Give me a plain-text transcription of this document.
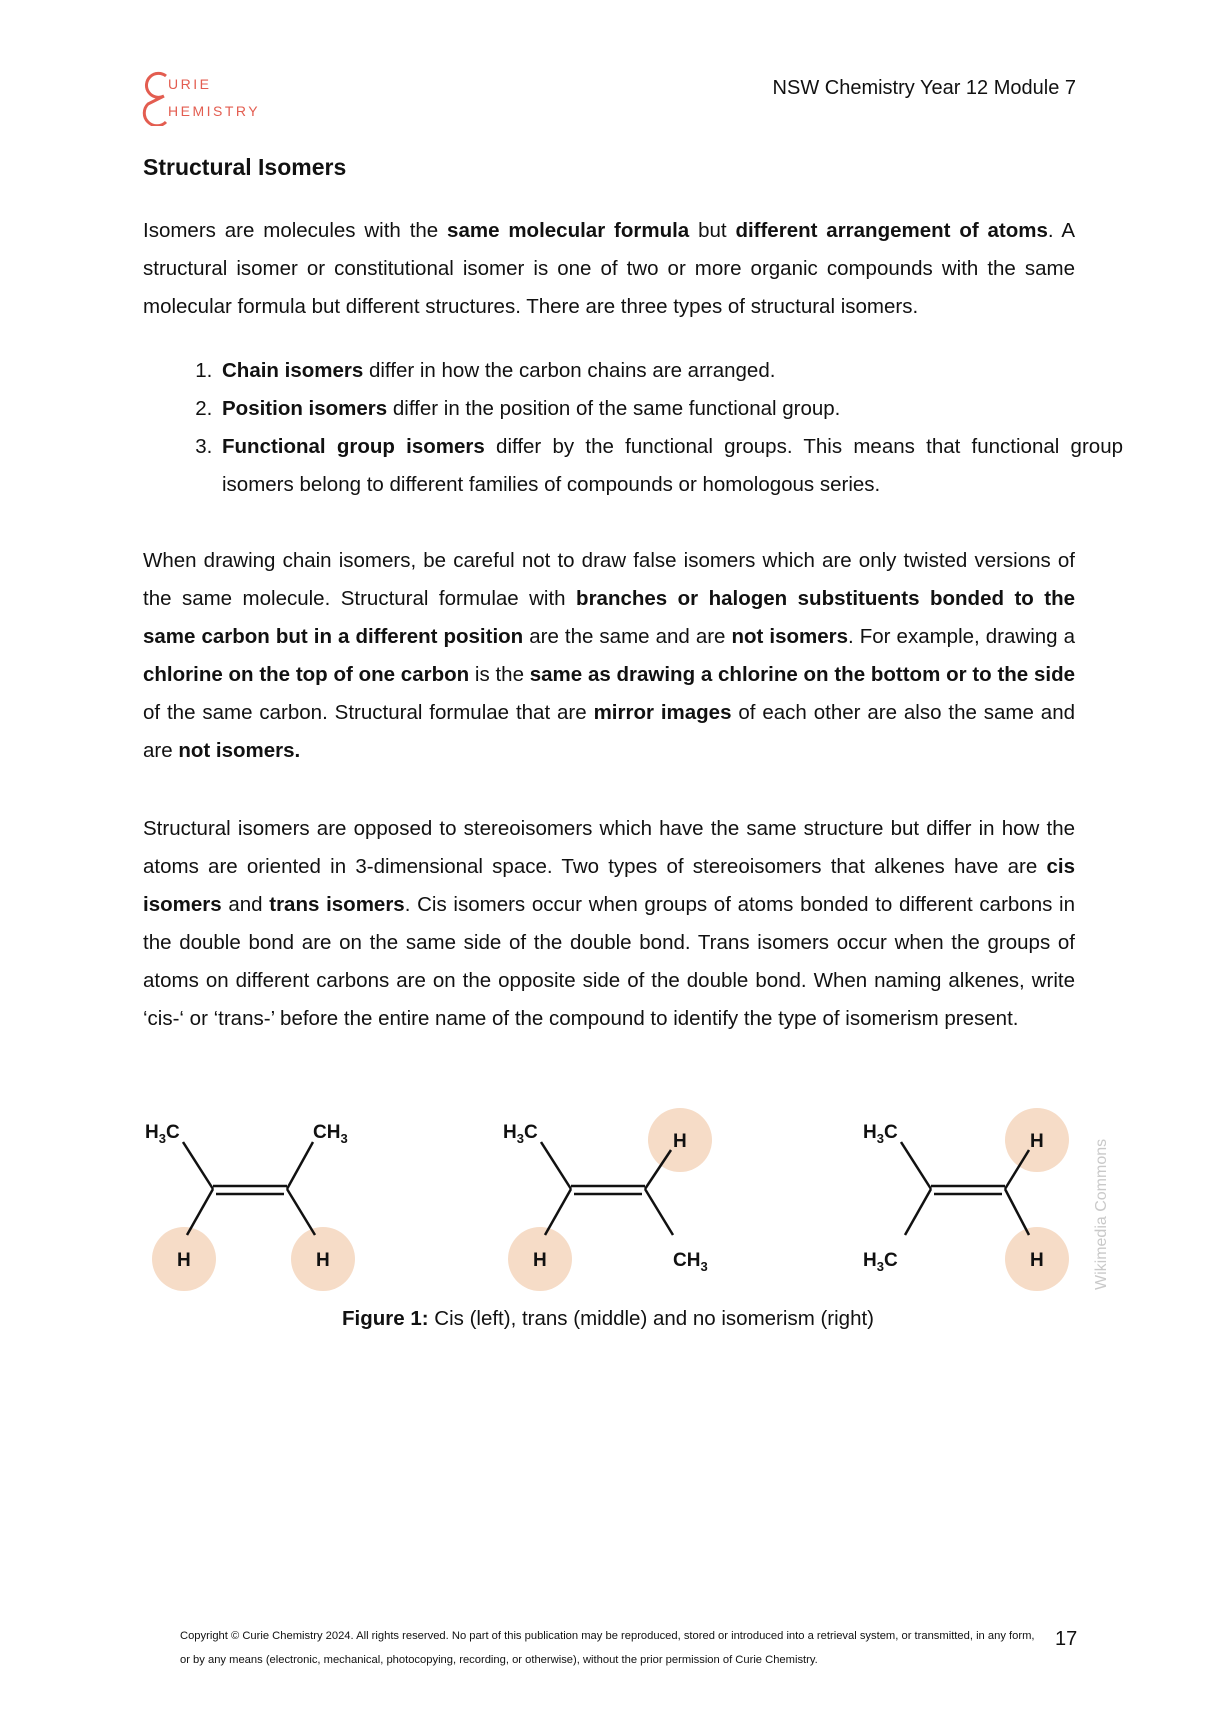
URIE
HEMISTRY
NSW Chemistry Year 12 Module 7
Structural Isomers
Isomers are molecules with the same molecular formula but different arrangement of atoms. A structural isomer or constitutional isomer is one of two or more organic compounds with the same molecular formula but different structures. There are three types of structural isomers.
1. Chain isomers differ in how the carbon chains are arranged.
2. Position isomers differ in the position of the same functional group.
3. Functional group isomers differ by the functional groups. This means that functional group isomers belong to different families of compounds or homologous series.
When drawing chain isomers, be careful not to draw false isomers which are only twisted versions of the same molecule. Structural formulae with branches or halogen substituents bonded to the same carbon but in a different position are the same and are not isomers. For example, drawing a chlorine on the top of one carbon is the same as drawing a chlorine on the bottom or to the side of the same carbon. Structural formulae that are mirror images of each other are also the same and are not isomers.
Structural isomers are opposed to stereoisomers which have the same structure but differ in how the atoms are oriented in 3-dimensional space. Two types of stereoisomers that alkenes have are cis isomers and trans isomers. Cis isomers occur when groups of atoms bonded to different carbons in the double bond are on the same side of the double bond. Trans isomers occur when the groups of atoms on different carbons are on the opposite side of the double bond. When naming alkenes, write ‘cis-‘ or ‘trans-’ before the entire name of the compound to identify the type of isomerism present.
$H_3C$	$CH_3$
H	H
$H_3C$	H
H	$CH_3$
$H_3C$
$H_3C$
H
H	Wikimedia Commons
Figure 1: Cis (left), trans (middle) and no isomerism (right)
Copyright © Curie Chemistry 2024. All rights reserved. No part of this publication may be reproduced, stored or introduced into a retrieval system, or transmitted, in any form, or by any means (electronic, mechanical, photocopying, recording, or otherwise), without the prior permission of Curie Chemistry.
17
